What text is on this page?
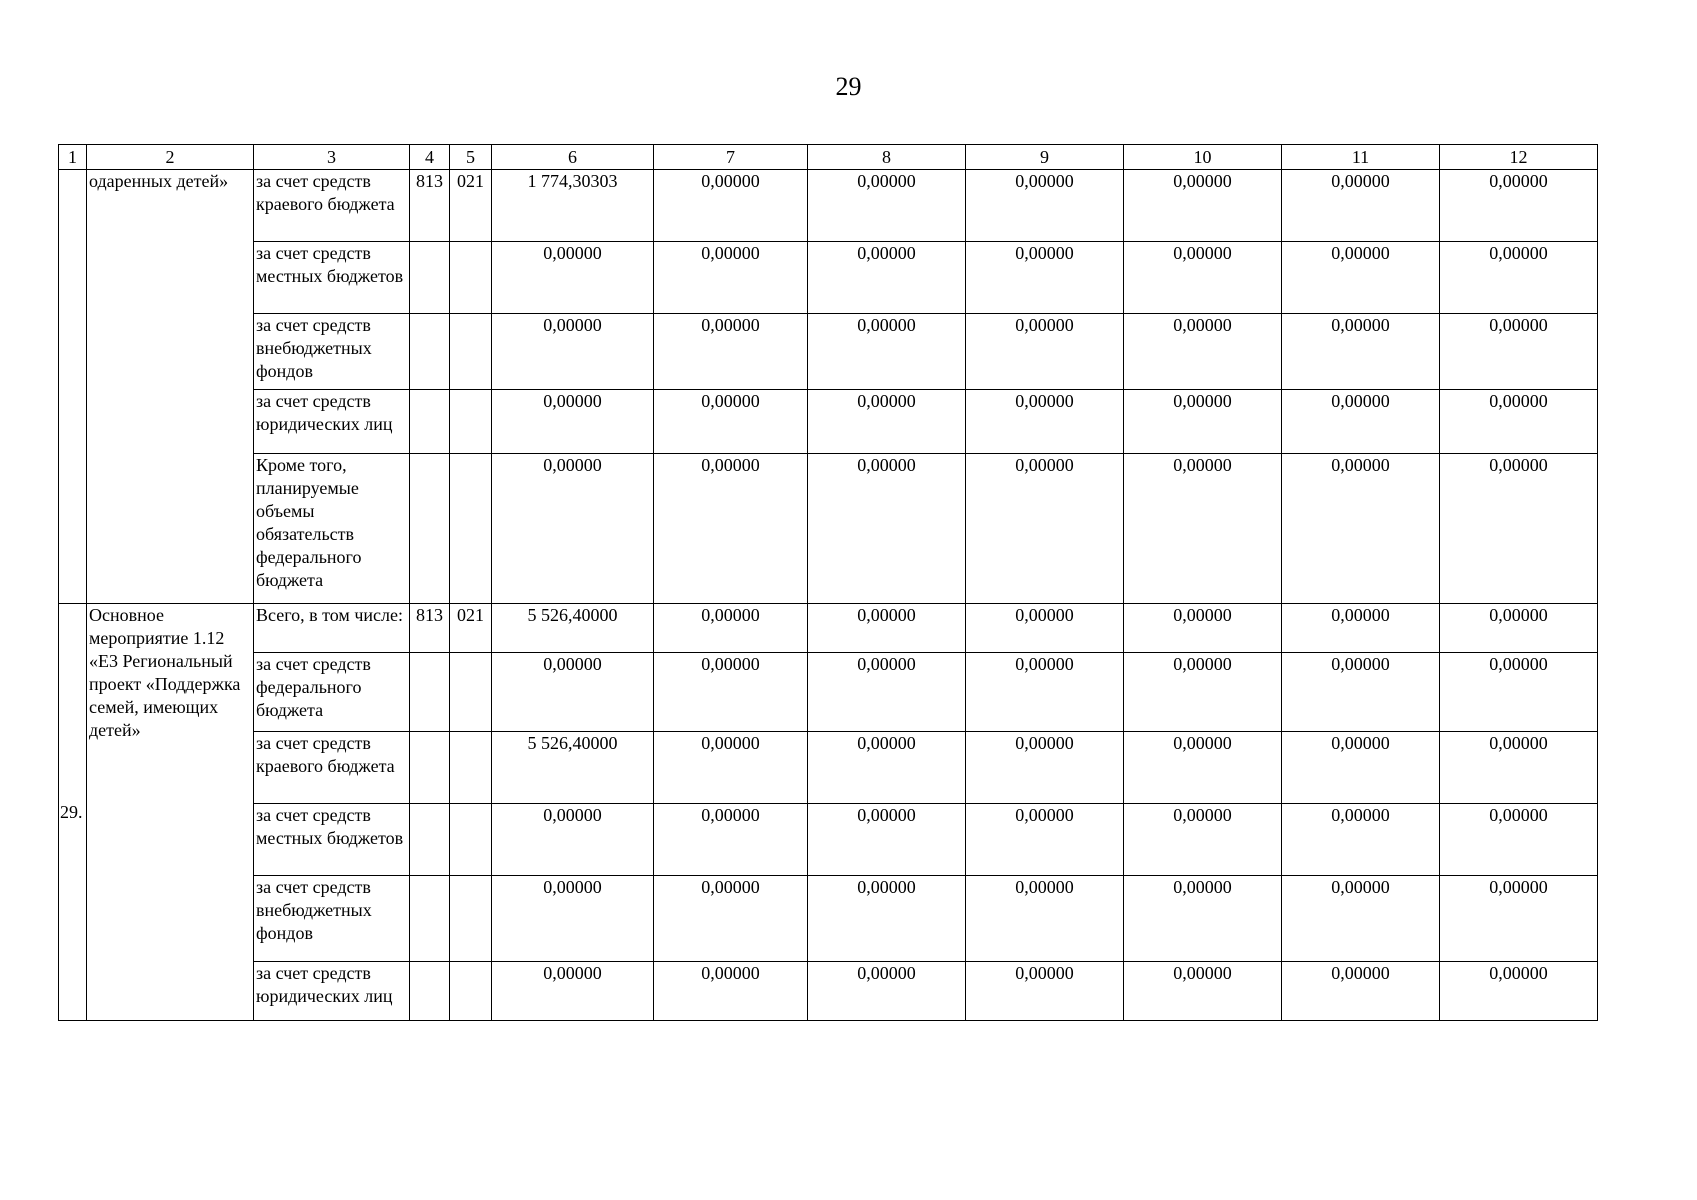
29
1	2	3	4	5	6	7	8	9	10	11	12
	одаренных детей»	за счет средств краевого бюджета	813	021	1 774,30303	0,00000	0,00000	0,00000	0,00000	0,00000	0,00000
		за счет средств местных бюджетов			0,00000	0,00000	0,00000	0,00000	0,00000	0,00000	0,00000
		за счет средств внебюджетных фондов			0,00000	0,00000	0,00000	0,00000	0,00000	0,00000	0,00000
		за счет средств юридических лиц			0,00000	0,00000	0,00000	0,00000	0,00000	0,00000	0,00000
		Кроме того, планируемые объемы обязательств федерального бюджета			0,00000	0,00000	0,00000	0,00000	0,00000	0,00000	0,00000
29.	Основное мероприятие 1.12 «Е3 Региональный проект «Поддержка семей, имеющих детей»	Всего, в том числе:	813	021	5 526,40000	0,00000	0,00000	0,00000	0,00000	0,00000	0,00000
		за счет средств федерального бюджета			0,00000	0,00000	0,00000	0,00000	0,00000	0,00000	0,00000
		за счет средств краевого бюджета			5 526,40000	0,00000	0,00000	0,00000	0,00000	0,00000	0,00000
		за счет средств местных бюджетов			0,00000	0,00000	0,00000	0,00000	0,00000	0,00000	0,00000
		за счет средств внебюджетных фондов			0,00000	0,00000	0,00000	0,00000	0,00000	0,00000	0,00000
		за счет средств юридических лиц			0,00000	0,00000	0,00000	0,00000	0,00000	0,00000	0,00000
